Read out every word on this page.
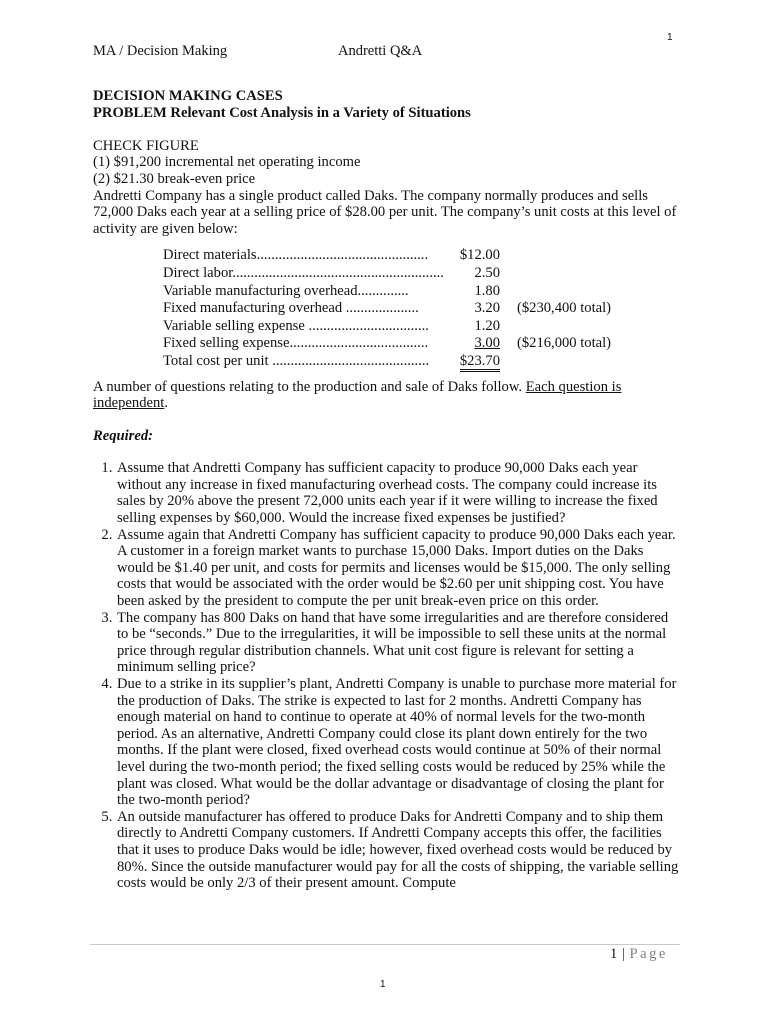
1
MA / Decision Making	Andretti Q&A

DECISION MAKING CASES

PROBLEM Relevant Cost Analysis in a Variety of Situations

CHECK FIGURE

(1) $91,200 incremental net operating income

(2) $21.30 break-even price

Andretti Company has a single product called Daks. The company normally produces and sells 72,000 Daks each year at a selling price of $28.00 per unit. The company’s unit costs at this level of activity are given below:

Direct materials...............................................	$12.00	
Direct labor..........................................................	2.50	
Variable manufacturing overhead..............	1.80	
Fixed manufacturing overhead ....................	3.20	($230,400 total)
Variable selling expense .................................	1.20	
Fixed selling expense......................................	3.00	($216,000 total)
Total cost per unit ...........................................	$23.70	

A number of questions relating to the production and sale of Daks follow. Each question is independent.

Required:

1. Assume that Andretti Company has sufficient capacity to produce 90,000 Daks each year without any increase in fixed manufacturing overhead costs. The company could increase its sales by 20% above the present 72,000 units each year if it were willing to increase the fixed selling expenses by $60,000. Would the increase fixed expenses be justified?
2. Assume again that Andretti Company has sufficient capacity to produce 90,000 Daks each year. A customer in a foreign market wants to purchase 15,000 Daks. Import duties on the Daks would be $1.40 per unit, and costs for permits and licenses would be $15,000. The only selling costs that would be associated with the order would be $2.60 per unit shipping cost. You have been asked by the president to compute the per unit break-even price on this order.
3. The company has 800 Daks on hand that have some irregularities and are therefore considered to be “seconds.” Due to the irregularities, it will be impossible to sell these units at the normal price through regular distribution channels. What unit cost figure is relevant for setting a minimum selling price?
4. Due to a strike in its supplier’s plant, Andretti Company is unable to purchase more material for the production of Daks. The strike is expected to last for 2 months. Andretti Company has enough material on hand to continue to operate at 40% of normal levels for the two-month period. As an alternative, Andretti Company could close its plant down entirely for the two months. If the plant were closed, fixed overhead costs would continue at 50% of their normal level during the two-month period; the fixed selling costs would be reduced by 25% while the plant was closed. What would be the dollar advantage or disadvantage of closing the plant for the two-month period?
5. An outside manufacturer has offered to produce Daks for Andretti Company and to ship them directly to Andretti Company customers. If Andretti Company accepts this offer, the facilities that it uses to produce Daks would be idle; however, fixed overhead costs would be reduced by 80%. Since the outside manufacturer would pay for all the costs of shipping, the variable selling costs would be only 2/3 of their present amount. Compute
1 | Page
1
